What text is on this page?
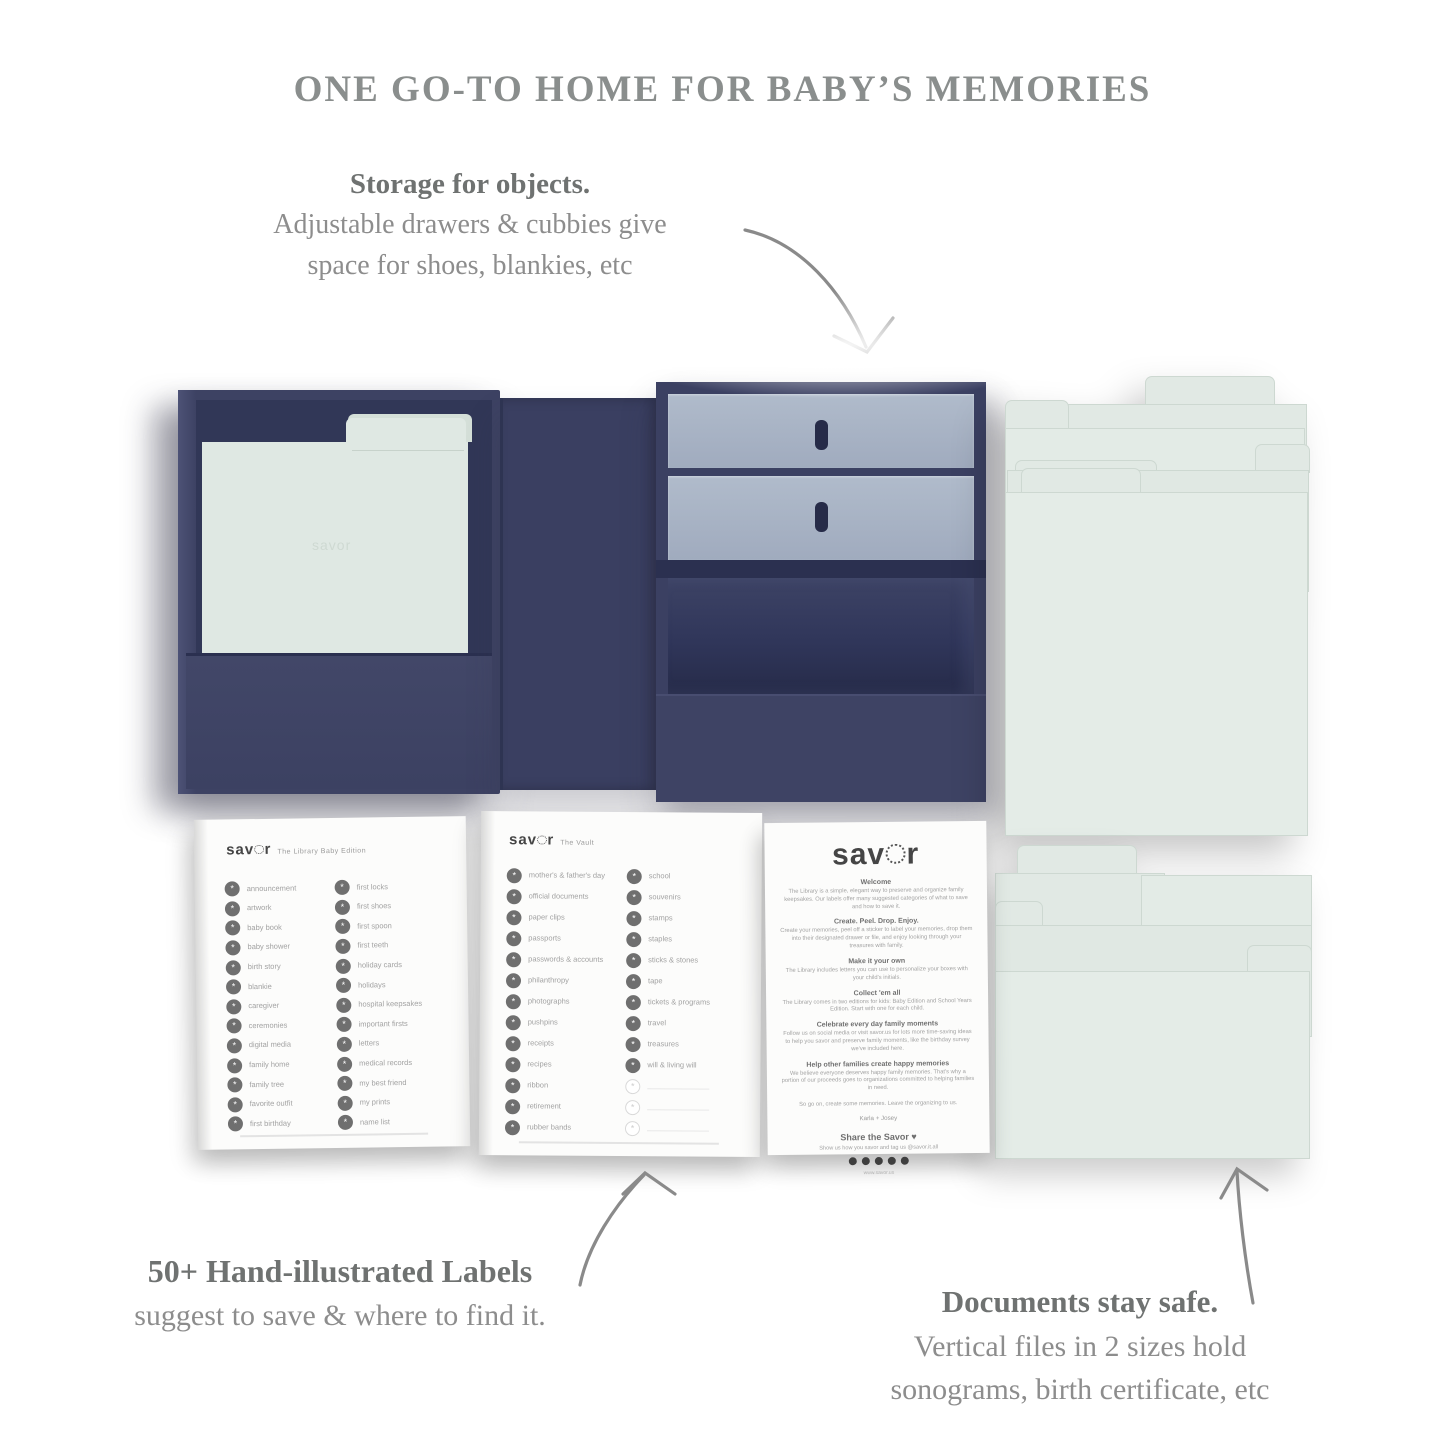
ONE GO-TO HOME FOR BABY’S MEMORIES
Storage for objects.
Adjustable drawers & cubbies give
space for shoes, blankies, etc
savor
sav r The Library Baby Edition
*	announcement
*	artwork
*	baby book
*	baby shower
*	birth story
*	blankie
*	caregiver
*	ceremonies
*	digital media
*	family home
*	family tree
*	favorite outfit
*	first birthday
*	first locks
*	first shoes
*	first spoon
*	first teeth
*	holiday cards
*	holidays
*	hospital keepsakes
*	important firsts
*	letters
*	medical records
*	my best friend
*	my prints
*	name list
sav r The Vault
*	mother's & father's day
*	official documents
*	paper clips
*	passports
*	passwords & accounts
*	philanthropy
*	photographs
*	pushpins
*	receipts
*	recipes
*	ribbon
*	retirement
*	rubber bands
*	school
*	souvenirs
*	stamps
*	staples
*	sticks & stones
*	tape
*	tickets & programs
*	travel
*	treasures
*	will & living will
*
*
*
sav r
Welcome
The Library is a simple, elegant way to preserve and organize family keepsakes. Our labels offer many suggested categories of what to save and how to save it.
Create. Peel. Drop. Enjoy.
Create your memories, peel off a sticker to label your memories, drop them into their designated drawer or file, and enjoy looking through your treasures with family.
Make it your own
The Library includes letters you can use to personalize your boxes with your child's initials.
Collect 'em all
The Library comes in two editions for kids: Baby Edition and School Years Edition. Start with one for each child.
Celebrate every day family moments
Follow us on social media or visit savor.us for lots more time-saving ideas to help you savor and preserve family moments, like the birthday survey we've included here.
Help other families create happy memories
We believe everyone deserves happy family memories. That's why a portion of our proceeds goes to organizations committed to helping families in need.
So go on, create some memories. Leave the organizing to us.
Karla + Josey
Share the Savor ♥
Show us how you savor and tag us @savor.it.all
www.savor.us
50+ Hand-illustrated Labels
suggest to save & where to find it.	Documents stay safe.
Vertical files in 2 sizes hold
sonograms, birth certificate, etc
